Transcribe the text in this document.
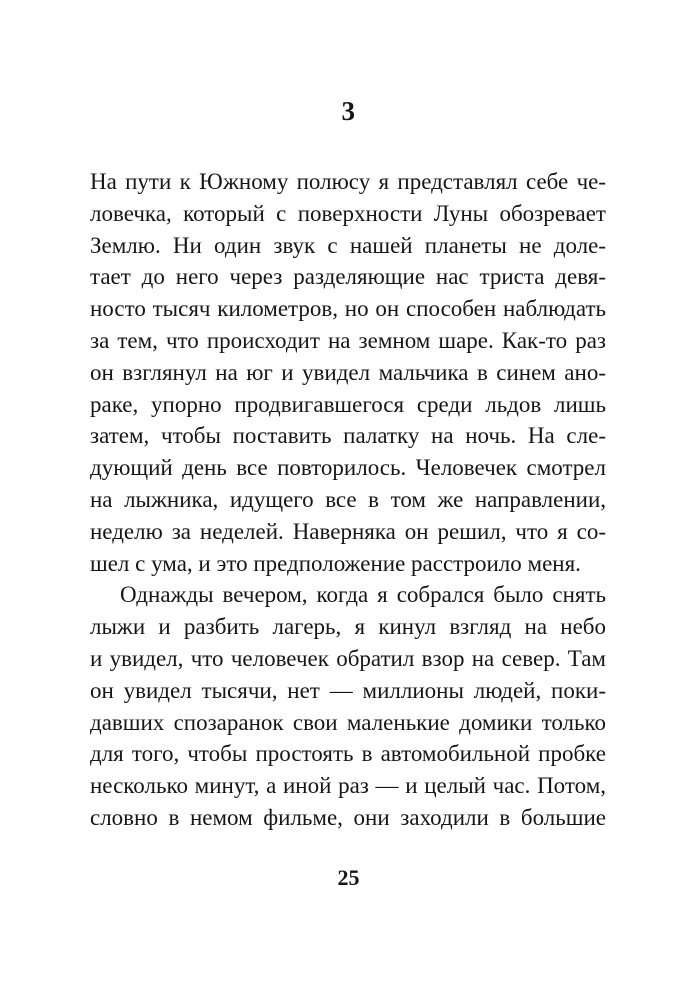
3
На пути к Южному полюсу я представлял себе че-
ловечка, который с поверхности Луны обозревает
Землю. Ни один звук с нашей планеты не доле-
тает до него через разделяющие нас триста девя-
носто тысяч километров, но он способен наблюдать
за тем, что происходит на земном шаре. Как-то раз
он взглянул на юг и увидел мальчика в синем ано-
раке, упорно продвигавшегося среди льдов лишь
затем, чтобы поставить палатку на ночь. На сле-
дующий день все повторилось. Человечек смотрел
на лыжника, идущего все в том же направлении,
неделю за неделей. Наверняка он решил, что я со-
шел с ума, и это предположение расстроило меня.
Однажды вечером, когда я собрался было снять
лыжи и разбить лагерь, я кинул взгляд на небо
и увидел, что человечек обратил взор на север. Там
он увидел тысячи, нет — миллионы людей, поки-
давших спозаранок свои маленькие домики только
для того, чтобы простоять в автомобильной пробке
несколько минут, а иной раз — и целый час. Потом,
словно в немом фильме, они заходили в большие
25
